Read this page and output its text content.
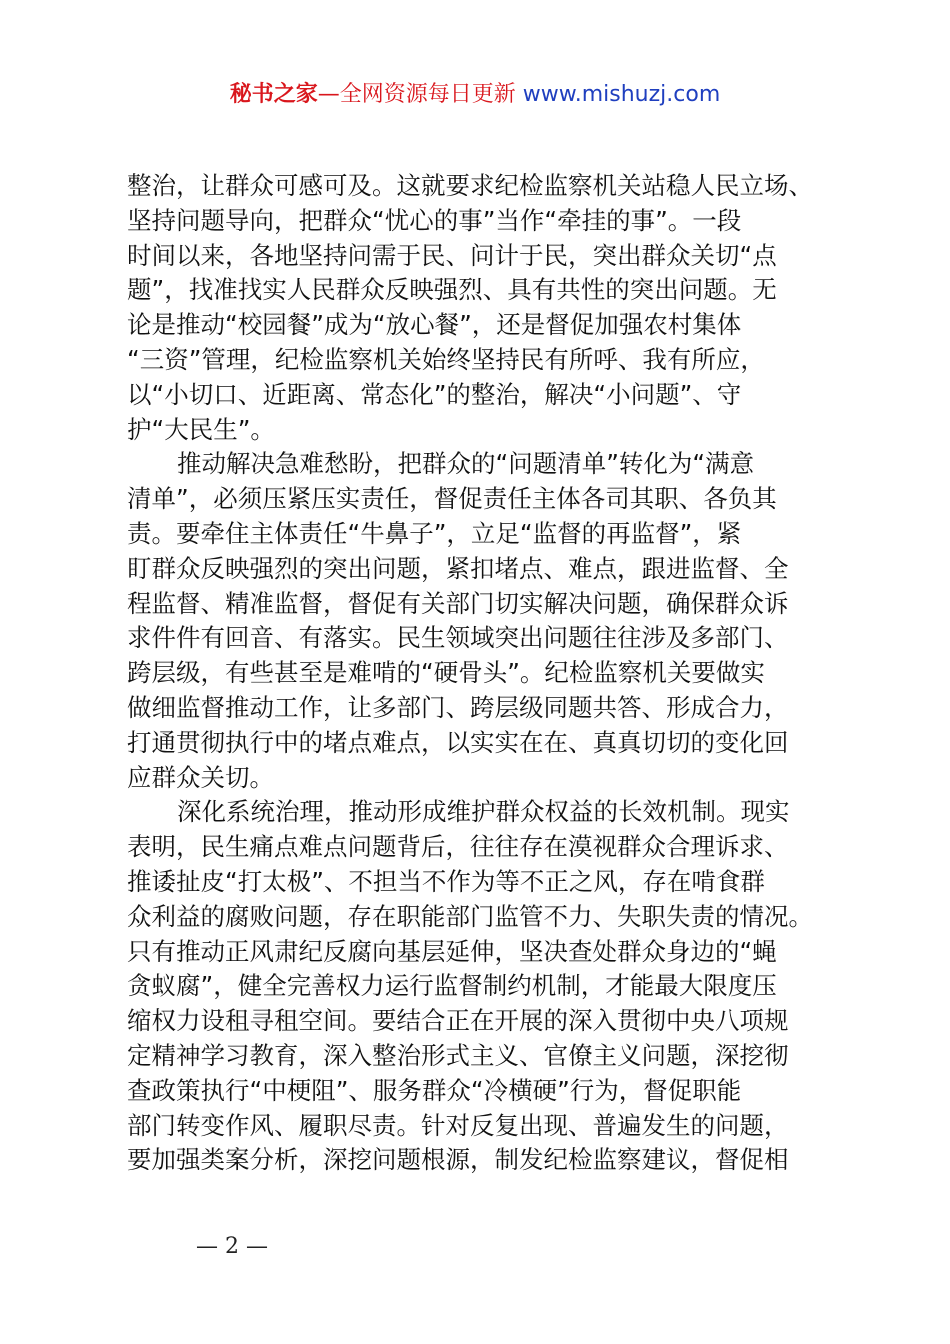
秘书之家—全网资源每日更新 www.mishuzj.com
整治，让群众可感可及。这就要求纪检监察机关站稳人民立场、
坚持问题导向，把群众“忧心的事”当作“牵挂的事”。一段
时间以来，各地坚持问需于民、问计于民，突出群众关切“点
题”，找准找实人民群众反映强烈、具有共性的突出问题。无
论是推动“校园餐”成为“放心餐”，还是督促加强农村集体
“三资”管理，纪检监察机关始终坚持民有所呼、我有所应，
以“小切口、近距离、常态化”的整治，解决“小问题”、守
护“大民生”。
推动解决急难愁盼，把群众的“问题清单”转化为“满意
清单”，必须压紧压实责任，督促责任主体各司其职、各负其
责。要牵住主体责任“牛鼻子”，立足“监督的再监督”，紧
盯群众反映强烈的突出问题，紧扣堵点、难点，跟进监督、全
程监督、精准监督，督促有关部门切实解决问题，确保群众诉
求件件有回音、有落实。民生领域突出问题往往涉及多部门、
跨层级，有些甚至是难啃的“硬骨头”。纪检监察机关要做实
做细监督推动工作，让多部门、跨层级同题共答、形成合力，
打通贯彻执行中的堵点难点，以实实在在、真真切切的变化回
应群众关切。
深化系统治理，推动形成维护群众权益的长效机制。现实
表明，民生痛点难点问题背后，往往存在漠视群众合理诉求、
推诿扯皮“打太极”、不担当不作为等不正之风，存在啃食群
众利益的腐败问题，存在职能部门监管不力、失职失责的情况。
只有推动正风肃纪反腐向基层延伸，坚决查处群众身边的“蝇
贪蚁腐”，健全完善权力运行监督制约机制，才能最大限度压
缩权力设租寻租空间。要结合正在开展的深入贯彻中央八项规
定精神学习教育，深入整治形式主义、官僚主义问题，深挖彻
查政策执行“中梗阻”、服务群众“冷横硬”行为，督促职能
部门转变作风、履职尽责。针对反复出现、普遍发生的问题，
要加强类案分析，深挖问题根源，制发纪检监察建议，督促相
— 2 —
